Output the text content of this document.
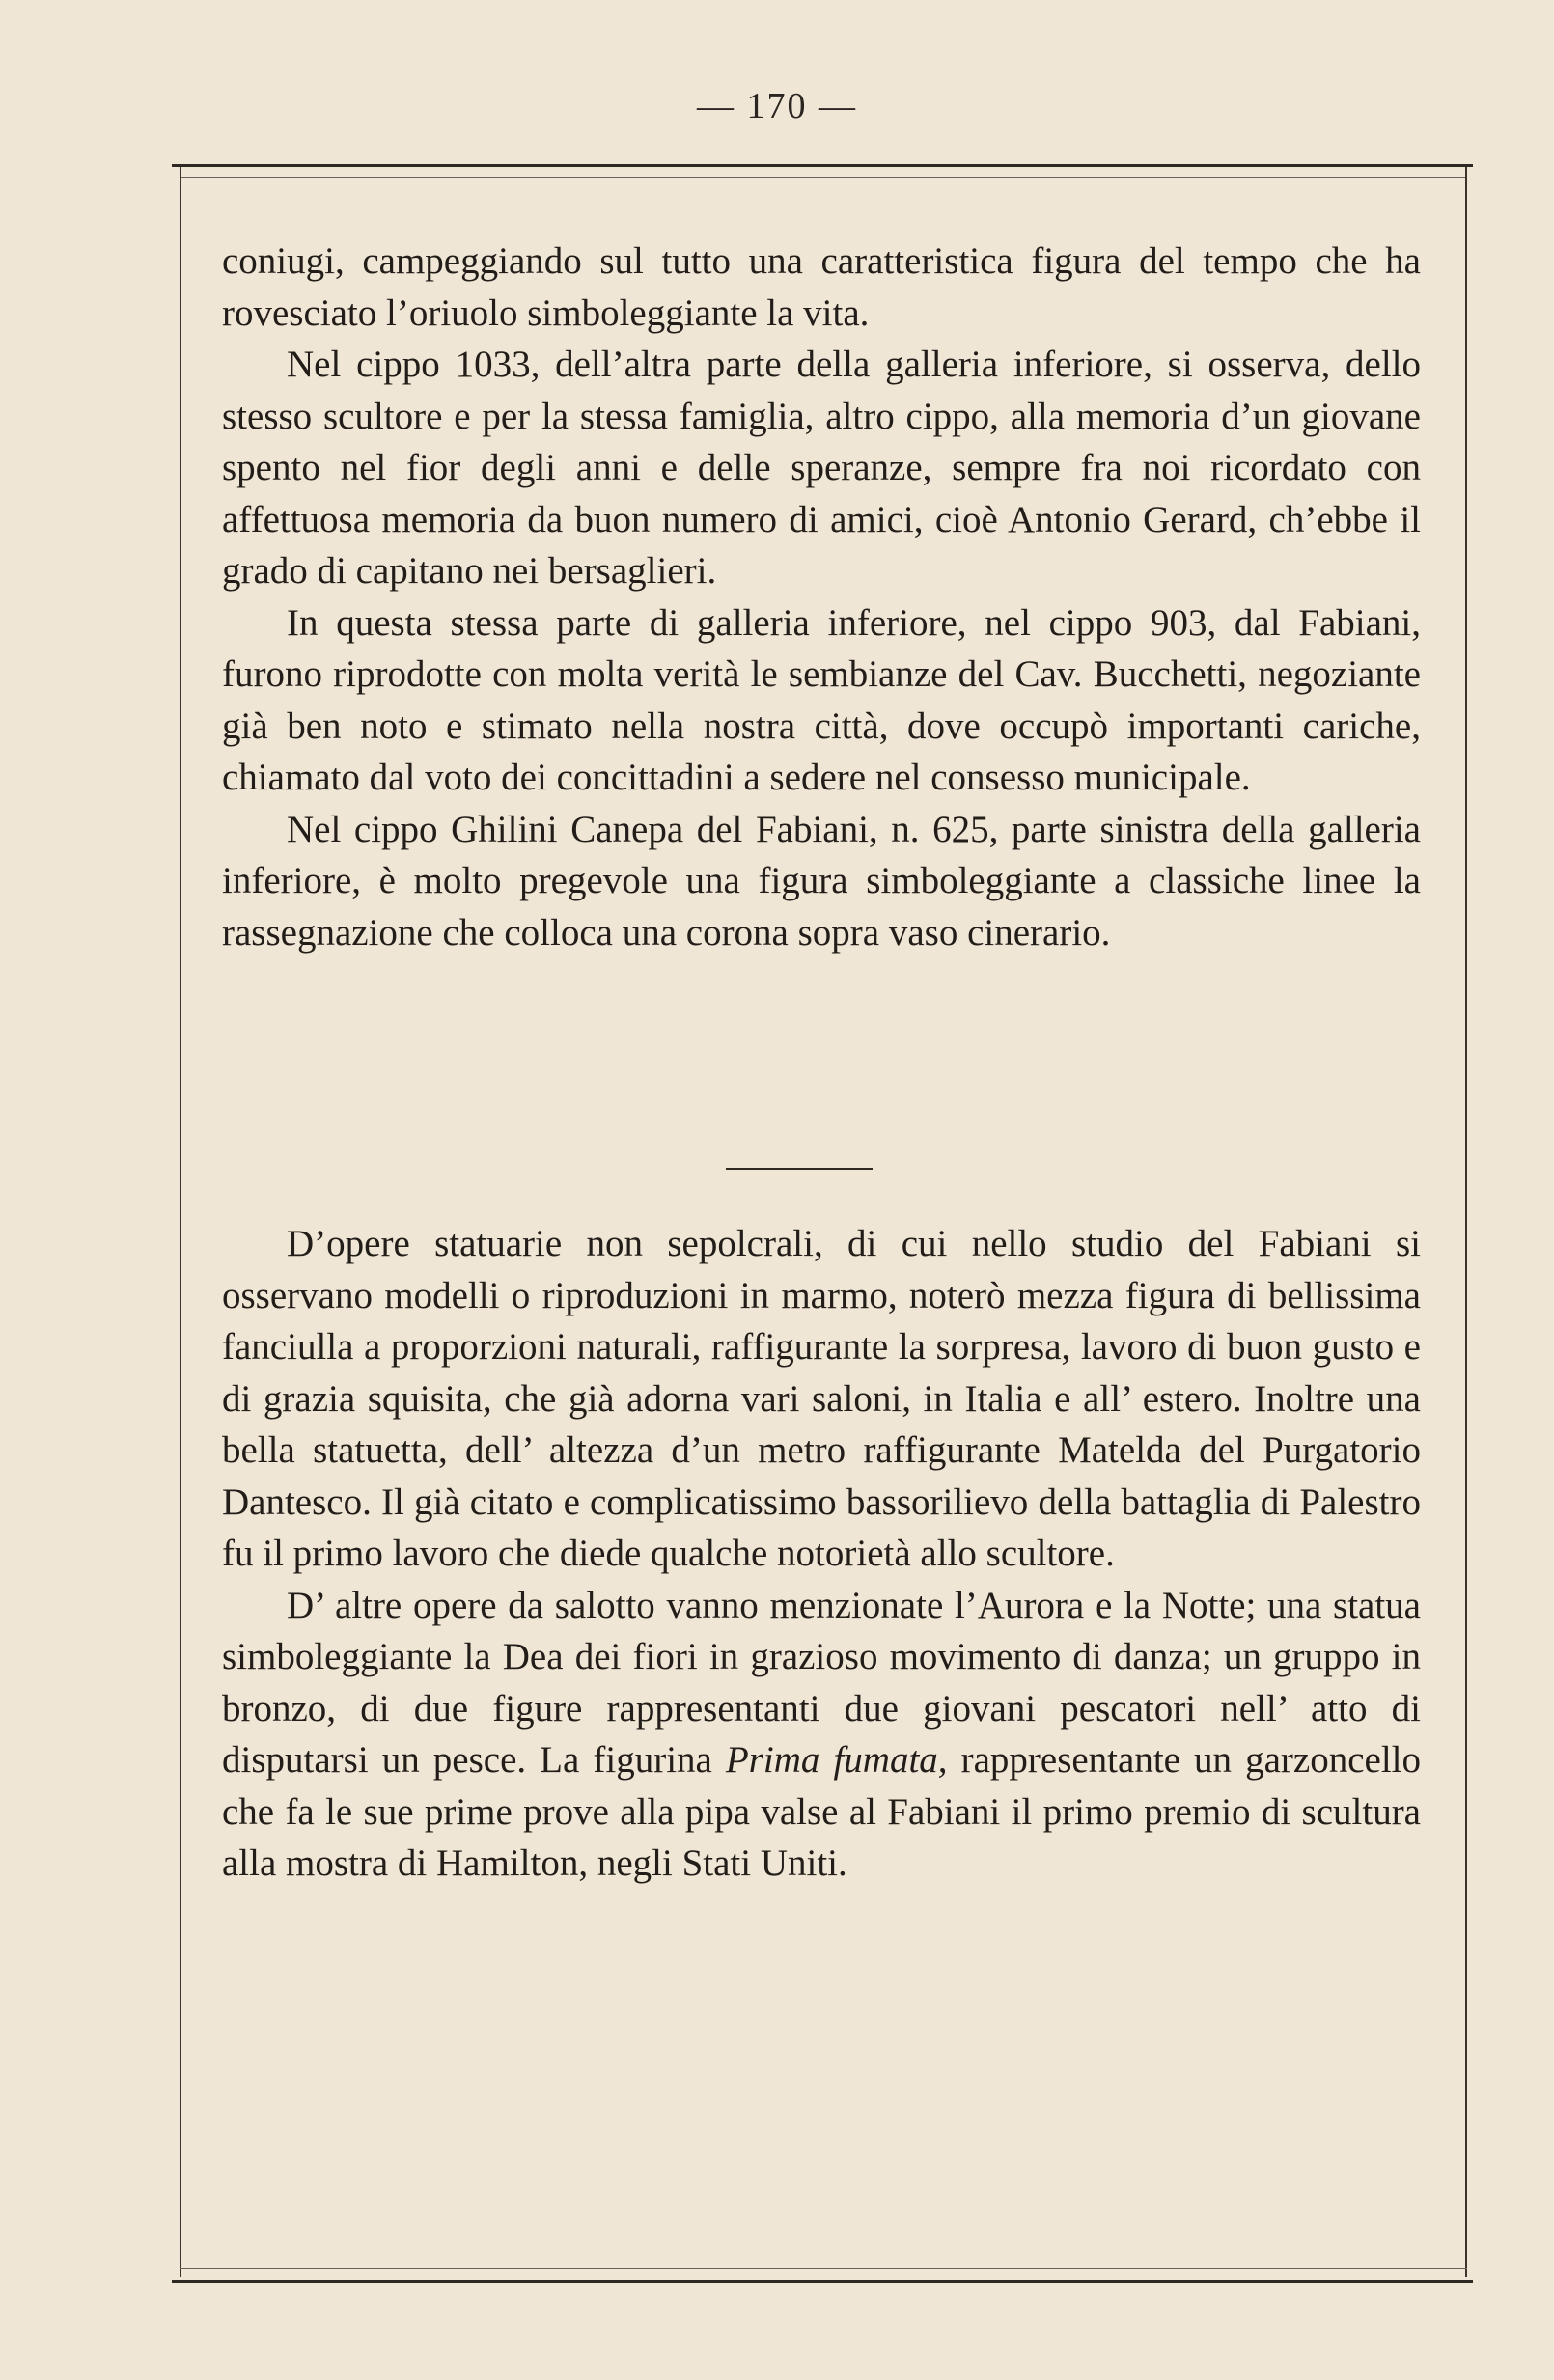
— 170 —

coniugi, campeggiando sul tutto una caratteristica figura del tempo che ha rovesciato l’oriuolo simboleggiante la vita.

Nel cippo 1033, dell’altra parte della galleria inferiore, si osserva, dello stesso scultore e per la stessa famiglia, altro cippo, alla memoria d’un giovane spento nel fior degli anni e delle speranze, sempre fra noi ricordato con affettuosa memoria da buon numero di amici, cioè Antonio Gerard, ch’ebbe il grado di capitano nei bersaglieri.

In questa stessa parte di galleria inferiore, nel cippo 903, dal Fabiani, furono riprodotte con molta verità le sembianze del Cav. Bucchetti, negoziante già ben noto e stimato nella nostra città, dove occupò importanti cariche, chiamato dal voto dei concittadini a sedere nel consesso municipale.

Nel cippo Ghilini Canepa del Fabiani, n. 625, parte sinistra della galleria inferiore, è molto pregevole una figura simboleggiante a classiche linee la rassegnazione che colloca una corona sopra vaso cinerario.

D’opere statuarie non sepolcrali, di cui nello studio del Fabiani si osservano modelli o riproduzioni in marmo, noterò mezza figura di bellissima fanciulla a proporzioni naturali, raffigurante la sorpresa, lavoro di buon gusto e di grazia squisita, che già adorna vari saloni, in Italia e all’ estero. Inoltre una bella statuetta, dell’ altezza d’un metro raffigurante Matelda del Purgatorio Dantesco. Il già citato e complicatissimo bassorilievo della battaglia di Palestro fu il primo lavoro che diede qualche notorietà allo scultore.

D’ altre opere da salotto vanno menzionate l’Aurora e la Notte; una statua simboleggiante la Dea dei fiori in grazioso movimento di danza; un gruppo in bronzo, di due figure rappresentanti due giovani pescatori nell’ atto di disputarsi un pesce. La figurina Prima fumata, rappresentante un garzoncello che fa le sue prime prove alla pipa valse al Fabiani il primo premio di scultura alla mostra di Hamilton, negli Stati Uniti.
